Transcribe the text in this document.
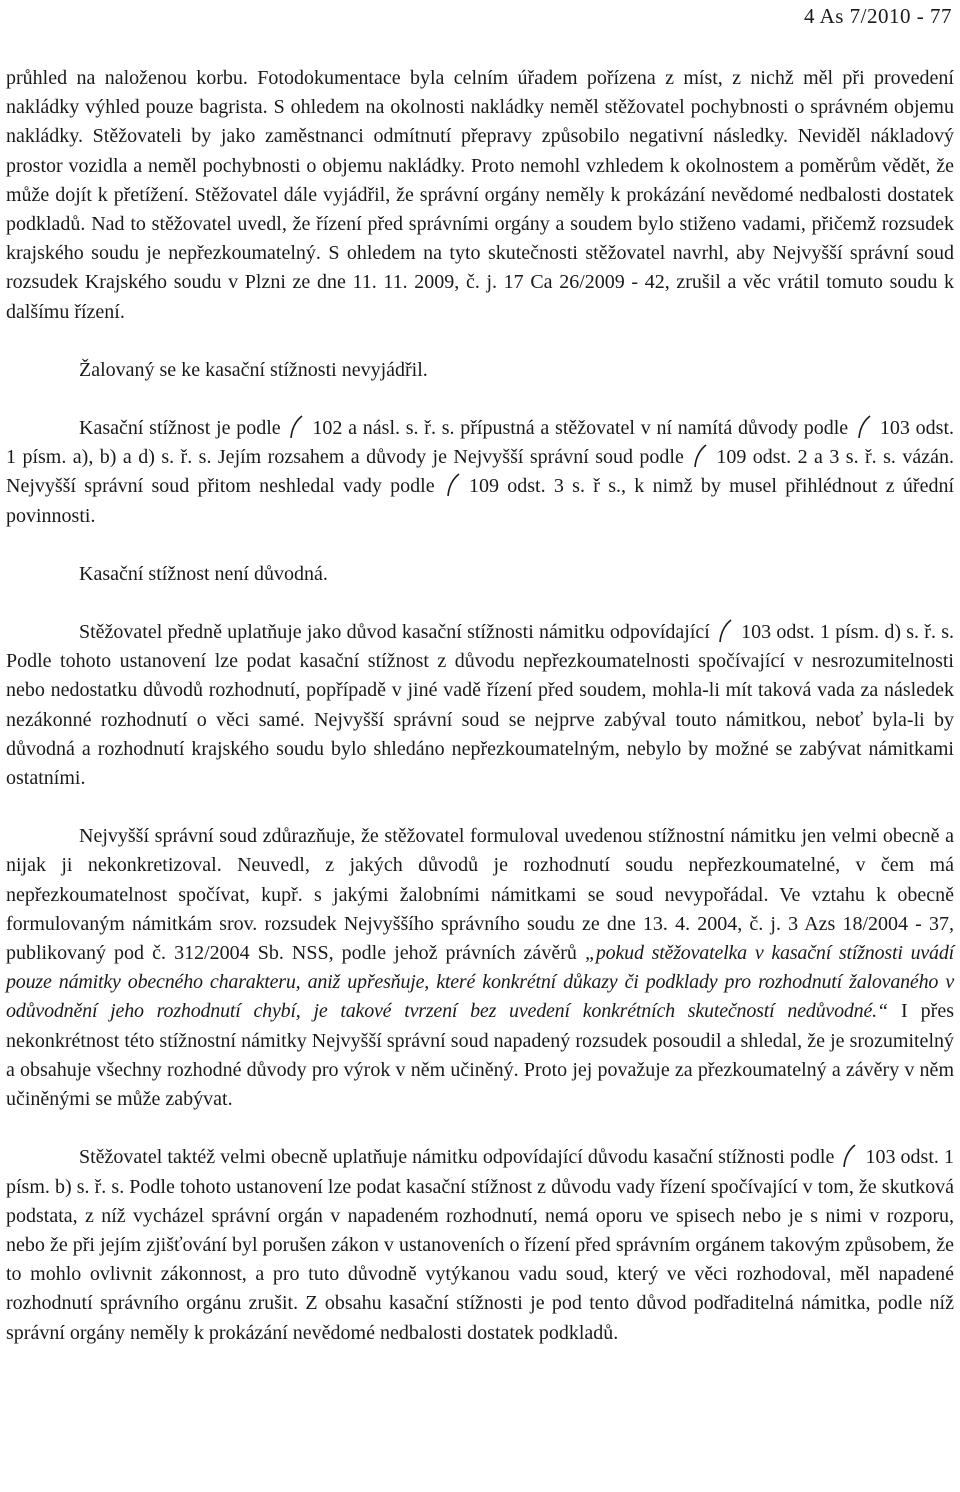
4 As 7/2010 - 77

průhled na naloženou korbu. Fotodokumentace byla celním úřadem pořízena z míst, z nichž měl při provedení nakládky výhled pouze bagrista. S ohledem na okolnosti nakládky neměl stěžovatel pochybnosti o správném objemu nakládky. Stěžovateli by jako zaměstnanci odmítnutí přepravy způsobilo negativní následky. Neviděl nákladový prostor vozidla a neměl pochybnosti o objemu nakládky. Proto nemohl vzhledem k okolnostem a poměrům vědět, že může dojít k přetížení. Stěžovatel dále vyjádřil, že správní orgány neměly k prokázání nevědomé nedbalosti dostatek podkladů. Nad to stěžovatel uvedl, že řízení před správními orgány a soudem bylo stiženo vadami, přičemž rozsudek krajského soudu je nepřezkoumatelný. S ohledem na tyto skutečnosti stěžovatel navrhl, aby Nejvyšší správní soud rozsudek Krajského soudu v Plzni ze dne 11. 11. 2009, č. j. 17 Ca 26/2009 - 42, zrušil a věc vrátil tomuto soudu k dalšímu řízení.

Žalovaný se ke kasační stížnosti nevyjádřil.

Kasační stížnost je podle 102 a násl. s. ř. s. přípustná a stěžovatel v ní namítá důvody podle 103 odst. 1 písm. a), b) a d) s. ř. s. Jejím rozsahem a důvody je Nejvyšší správní soud podle 109 odst. 2 a 3 s. ř. s. vázán. Nejvyšší správní soud přitom neshledal vady podle 109 odst. 3 s. ř s., k nimž by musel přihlédnout z úřední povinnosti.

Kasační stížnost není důvodná.

Stěžovatel předně uplatňuje jako důvod kasační stížnosti námitku odpovídající 103 odst. 1 písm. d) s. ř. s. Podle tohoto ustanovení lze podat kasační stížnost z důvodu nepřezkoumatelnosti spočívající v nesrozumitelnosti nebo nedostatku důvodů rozhodnutí, popřípadě v jiné vadě řízení před soudem, mohla-li mít taková vada za následek nezákonné rozhodnutí o věci samé. Nejvyšší správní soud se nejprve zabýval touto námitkou, neboť byla-li by důvodná a rozhodnutí krajského soudu bylo shledáno nepřezkoumatelným, nebylo by možné se zabývat námitkami ostatními.

Nejvyšší správní soud zdůrazňuje, že stěžovatel formuloval uvedenou stížnostní námitku jen velmi obecně a nijak ji nekonkretizoval. Neuvedl, z jakých důvodů je rozhodnutí soudu nepřezkoumatelné, v čem má nepřezkoumatelnost spočívat, kupř. s jakými žalobními námitkami se soud nevypořádal. Ve vztahu k obecně formulovaným námitkám srov. rozsudek Nejvyššího správního soudu ze dne 13. 4. 2004, č. j. 3 Azs 18/2004 - 37, publikovaný pod č. 312/2004 Sb. NSS, podle jehož právních závěrů „pokud stěžovatelka v kasační stížnosti uvádí pouze námitky obecného charakteru, aniž upřesňuje, které konkrétní důkazy či podklady pro rozhodnutí žalovaného v odůvodnění jeho rozhodnutí chybí, je takové tvrzení bez uvedení konkrétních skutečností nedůvodné.“ I přes nekonkrétnost této stížnostní námitky Nejvyšší správní soud napadený rozsudek posoudil a shledal, že je srozumitelný a obsahuje všechny rozhodné důvody pro výrok v něm učiněný. Proto jej považuje za přezkoumatelný a závěry v něm učiněnými se může zabývat.

Stěžovatel taktéž velmi obecně uplatňuje námitku odpovídající důvodu kasační stížnosti podle 103 odst. 1 písm. b) s. ř. s. Podle tohoto ustanovení lze podat kasační stížnost z důvodu vady řízení spočívající v tom, že skutková podstata, z níž vycházel správní orgán v napadeném rozhodnutí, nemá oporu ve spisech nebo je s nimi v rozporu, nebo že při jejím zjišťování byl porušen zákon v ustanoveních o řízení před správním orgánem takovým způsobem, že to mohlo ovlivnit zákonnost, a pro tuto důvodně vytýkanou vadu soud, který ve věci rozhodoval, měl napadené rozhodnutí správního orgánu zrušit. Z obsahu kasační stížnosti je pod tento důvod podřaditelná námitka, podle níž správní orgány neměly k prokázání nevědomé nedbalosti dostatek podkladů.
